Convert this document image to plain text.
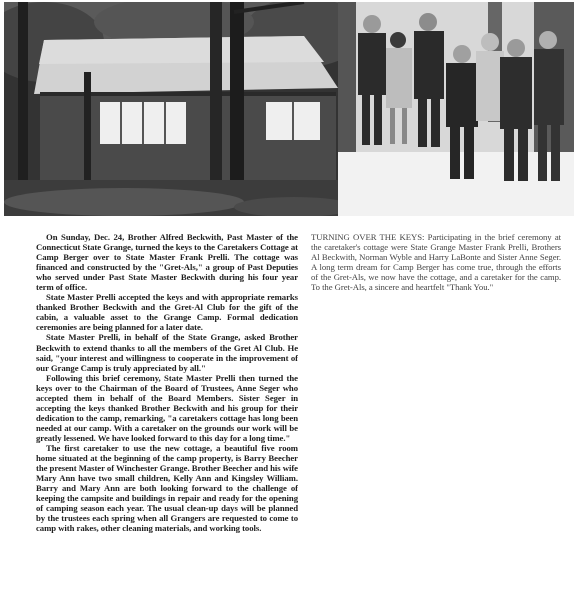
On Sunday, Dec. 24, Brother Alfred Beckwith, Past Master of the Connecticut State Grange, turned the keys to the Caretakers Cottage at Camp Berger over to State Master Frank Prelli. The cottage was financed and constructed by the "Gret-Als," a group of Past Deputies who served under Past State Master Beckwith during his four year term of office.

State Master Prelli accepted the keys and with appropriate remarks thanked Brother Beckwith and the Gret-Al Club for the gift of the cabin, a valuable asset to the Grange Camp. Formal dedication ceremonies are being planned for a later date.

State Master Prelli, in behalf of the State Grange, asked Brother Beckwith to extend thanks to all the members of the Gret Al Club. He said, "your interest and willingness to cooperate in the improvement of our Grange Camp is truly appreciated by all."

Following this brief ceremony, State Master Prelli then turned the keys over to the Chairman of the Board of Trustees, Anne Seger who accepted them in behalf of the Board Members. Sister Seger in accepting the keys thanked Brother Beckwith and his group for their dedication to the camp, remarking, "a caretakers cottage has long been needed at our camp. With a caretaker on the grounds our work will be greatly lessened. We have looked forward to this day for a long time."

The first caretaker to use the new cottage, a beautiful five room home situated at the beginning of the camp property, is Barry Beecher the present Master of Winchester Grange. Brother Beecher and his wife Mary Ann have two small children, Kelly Ann and Kingsley William. Barry and Mary Ann are both looking forward to the challenge of keeping the campsite and buildings in repair and ready for the opening of camping season each year. The usual clean-up days will be planned by the trustees each spring when all Grangers are requested to come to camp with rakes, other cleaning materials, and working tools.

TURNING OVER THE KEYS: Participating in the brief ceremony at the caretaker's cottage were State Grange Master Frank Prelli, Brothers Al Beckwith, Norman Wyble and Harry LaBonte and Sister Anne Seger. A long term dream for Camp Berger has come true, through the efforts of the Gret-Als, we now have the cottage, and a caretaker for the camp. To the Gret-Als, a sincere and heartfelt "Thank You."
